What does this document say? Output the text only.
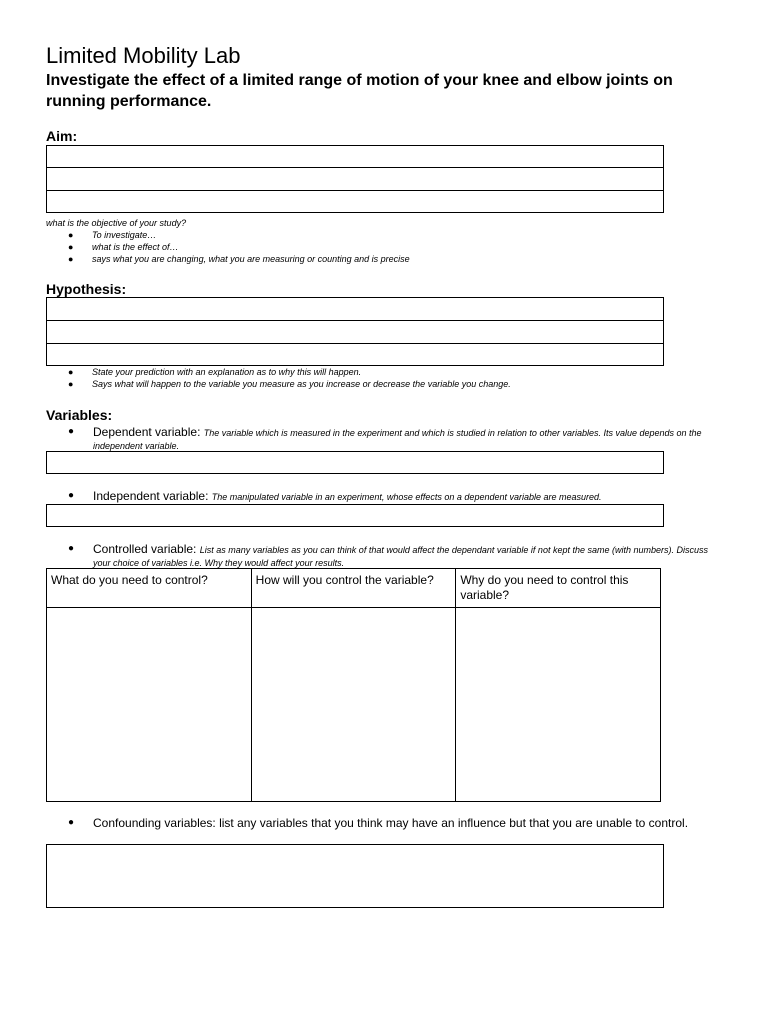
Limited Mobility Lab
Investigate the effect of a limited range of motion of your knee and elbow joints on running performance.
Aim:
what is the objective of your study?
● To investigate…
● what is the effect of…
● says what you are changing, what you are measuring or counting and is precise
Hypothesis:
● State your prediction with an explanation as to why this will happen.
● Says what will happen to the variable you measure as you increase or decrease the variable you change.
Variables:
● Dependent variable: The variable which is measured in the experiment and which is studied in relation to other variables. Its value depends on the independent variable.
● Independent variable: The manipulated variable in an experiment, whose effects on a dependent variable are measured.
● Controlled variable: List as many variables as you can think of that would affect the dependant variable if not kept the same (with numbers). Discuss your choice of variables i.e. Why they would affect your results.
What do you need to control?	How will you control the variable?	Why do you need to control this variable?

● Confounding variables: list any variables that you think may have an influence but that you are unable to control.
